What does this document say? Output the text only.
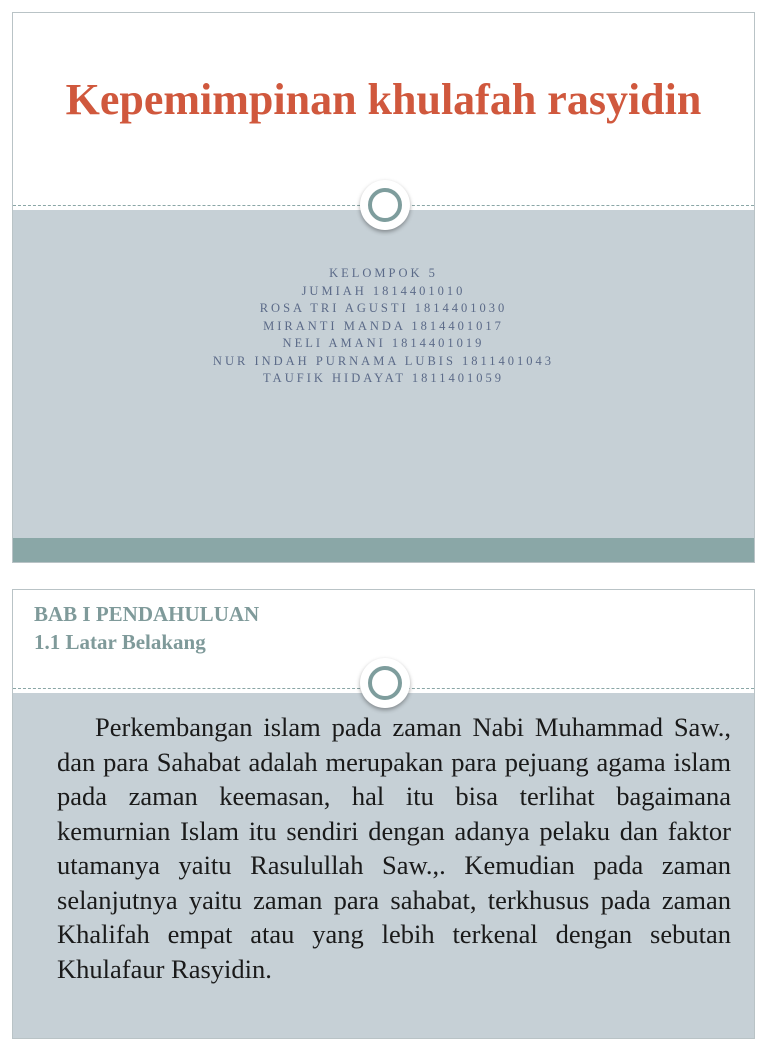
Kepemimpinan khulafah rasyidin
KELOMPOK 5
JUMIAH 1814401010
ROSA TRI AGUSTI 1814401030
MIRANTI MANDA 1814401017
NELI AMANI 1814401019
NUR INDAH PURNAMA LUBIS 1811401043
TAUFIK HIDAYAT 1811401059
BAB I PENDAHULUAN
1.1 Latar Belakang

Perkembangan islam pada zaman Nabi Muhammad Saw., dan para Sahabat adalah merupakan para pejuang agama islam pada zaman keemasan, hal itu bisa terlihat bagaimana kemurnian Islam itu sendiri dengan adanya pelaku dan faktor utamanya yaitu Rasulullah Saw.,. Kemudian pada zaman selanjutnya yaitu zaman para sahabat, terkhusus pada zaman Khalifah empat atau yang lebih terkenal dengan sebutan Khulafaur Rasyidin.
